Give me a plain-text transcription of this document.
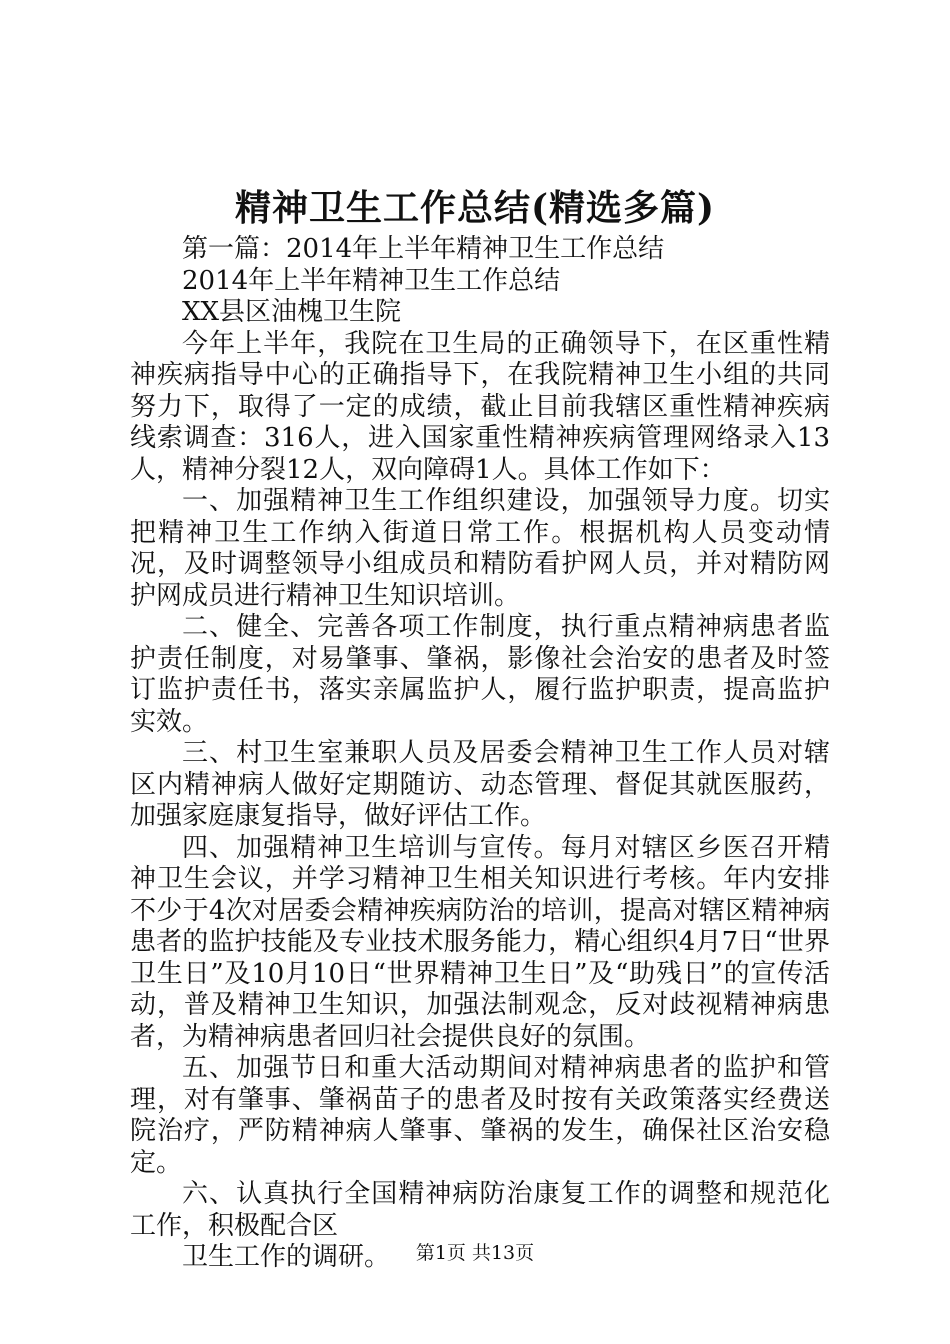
精神卫生工作总结(精选多篇)

第一篇：2014年上半年精神卫生工作总结

2014年上半年精神卫生工作总结

XX县区油槐卫生院

今年上半年，我院在卫生局的正确领导下，在区重性精神疾病指导中心的正确指导下，在我院精神卫生小组的共同努力下，取得了一定的成绩，截止目前我辖区重性精神疾病线索调查：316人，进入国家重性精神疾病管理网络录入13人，精神分裂12人，双向障碍1人。具体工作如下：

一、加强精神卫生工作组织建设，加强领导力度。切实把精神卫生工作纳入街道日常工作。根据机构人员变动情况，及时调整领导小组成员和精防看护网人员，并对精防网护网成员进行精神卫生知识培训。

二、健全、完善各项工作制度，执行重点精神病患者监护责任制度，对易肇事、肇祸，影像社会治安的患者及时签订监护责任书，落实亲属监护人，履行监护职责，提高监护实效。

三、村卫生室兼职人员及居委会精神卫生工作人员对辖区内精神病人做好定期随访、动态管理、督促其就医服药，加强家庭康复指导，做好评估工作。

四、加强精神卫生培训与宣传。每月对辖区乡医召开精神卫生会议，并学习精神卫生相关知识进行考核。年内安排不少于4次对居委会精神疾病防治的培训，提高对辖区精神病患者的监护技能及专业技术服务能力，精心组织4月7日“世界卫生日”及10月10日“世界精神卫生日”及“助残日”的宣传活动，普及精神卫生知识，加强法制观念，反对歧视精神病患者，为精神病患者回归社会提供良好的氛围。

五、加强节日和重大活动期间对精神病患者的监护和管理，对有肇事、肇祸苗子的患者及时按有关政策落实经费送院治疗，严防精神病人肇事、肇祸的发生，确保社区治安稳定。

六、认真执行全国精神病防治康复工作的调整和规范化工作，积极配合区

卫生工作的调研。	第1页 共13页
